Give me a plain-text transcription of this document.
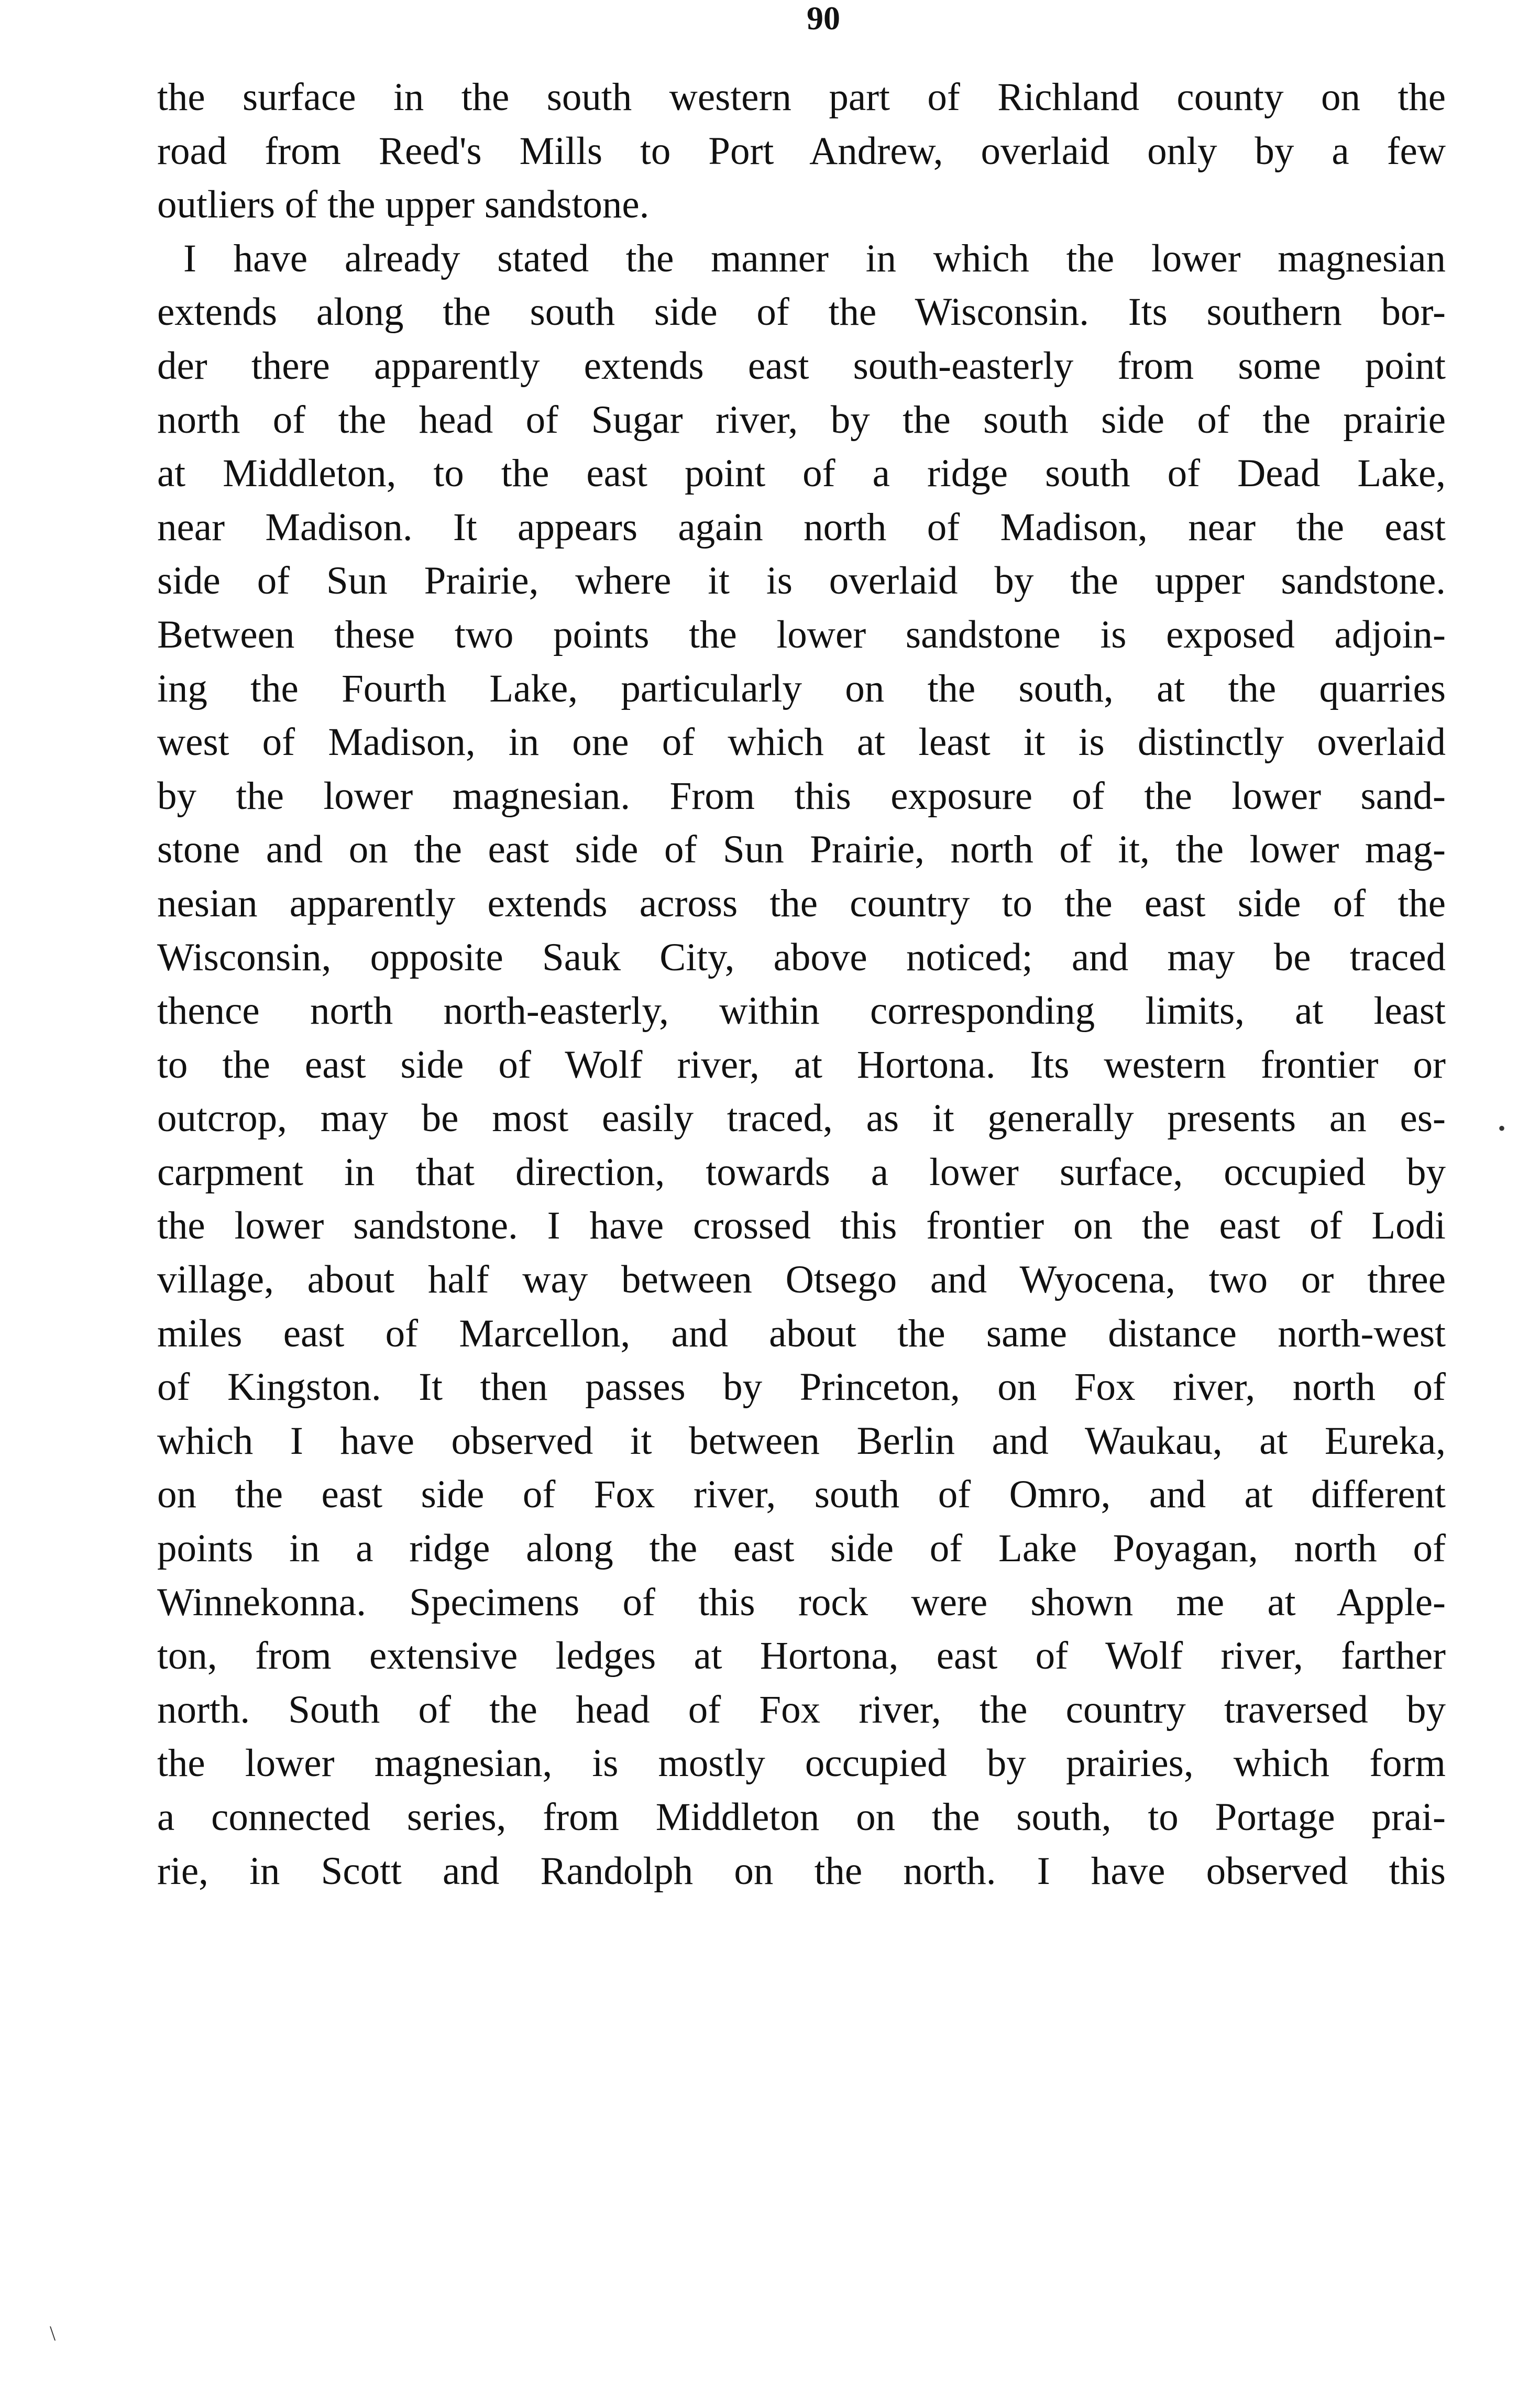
90
the surface in the south western part of Richland county on the
road from Reed's Mills to Port Andrew, overlaid only by a few
outliers of the upper sandstone.
I have already stated the manner in which the lower magnesian
extends along the south side of the Wisconsin. Its southern bor-
der there apparently extends east south-easterly from some point
north of the head of Sugar river, by the south side of the prairie
at Middleton, to the east point of a ridge south of Dead Lake,
near Madison. It appears again north of Madison, near the east
side of Sun Prairie, where it is overlaid by the upper sandstone.
Between these two points the lower sandstone is exposed adjoin-
ing the Fourth Lake, particularly on the south, at the quarries
west of Madison, in one of which at least it is distinctly overlaid
by the lower magnesian. From this exposure of the lower sand-
stone and on the east side of Sun Prairie, north of it, the lower mag-
nesian apparently extends across the country to the east side of the
Wisconsin, opposite Sauk City, above noticed; and may be traced
thence north north-easterly, within corresponding limits, at least
to the east side of Wolf river, at Hortona. Its western frontier or
outcrop, may be most easily traced, as it generally presents an es-
carpment in that direction, towards a lower surface, occupied by
the lower sandstone. I have crossed this frontier on the east of Lodi
village, about half way between Otsego and Wyocena, two or three
miles east of Marcellon, and about the same distance north-west
of Kingston. It then passes by Princeton, on Fox river, north of
which I have observed it between Berlin and Waukau, at Eureka,
on the east side of Fox river, south of Omro, and at different
points in a ridge along the east side of Lake Poyagan, north of
Winnekonna. Specimens of this rock were shown me at Apple-
ton, from extensive ledges at Hortona, east of Wolf river, farther
north. South of the head of Fox river, the country traversed by
the lower magnesian, is mostly occupied by prairies, which form
a connected series, from Middleton on the south, to Portage prai-
rie, in Scott and Randolph on the north. I have observed this
•
\
